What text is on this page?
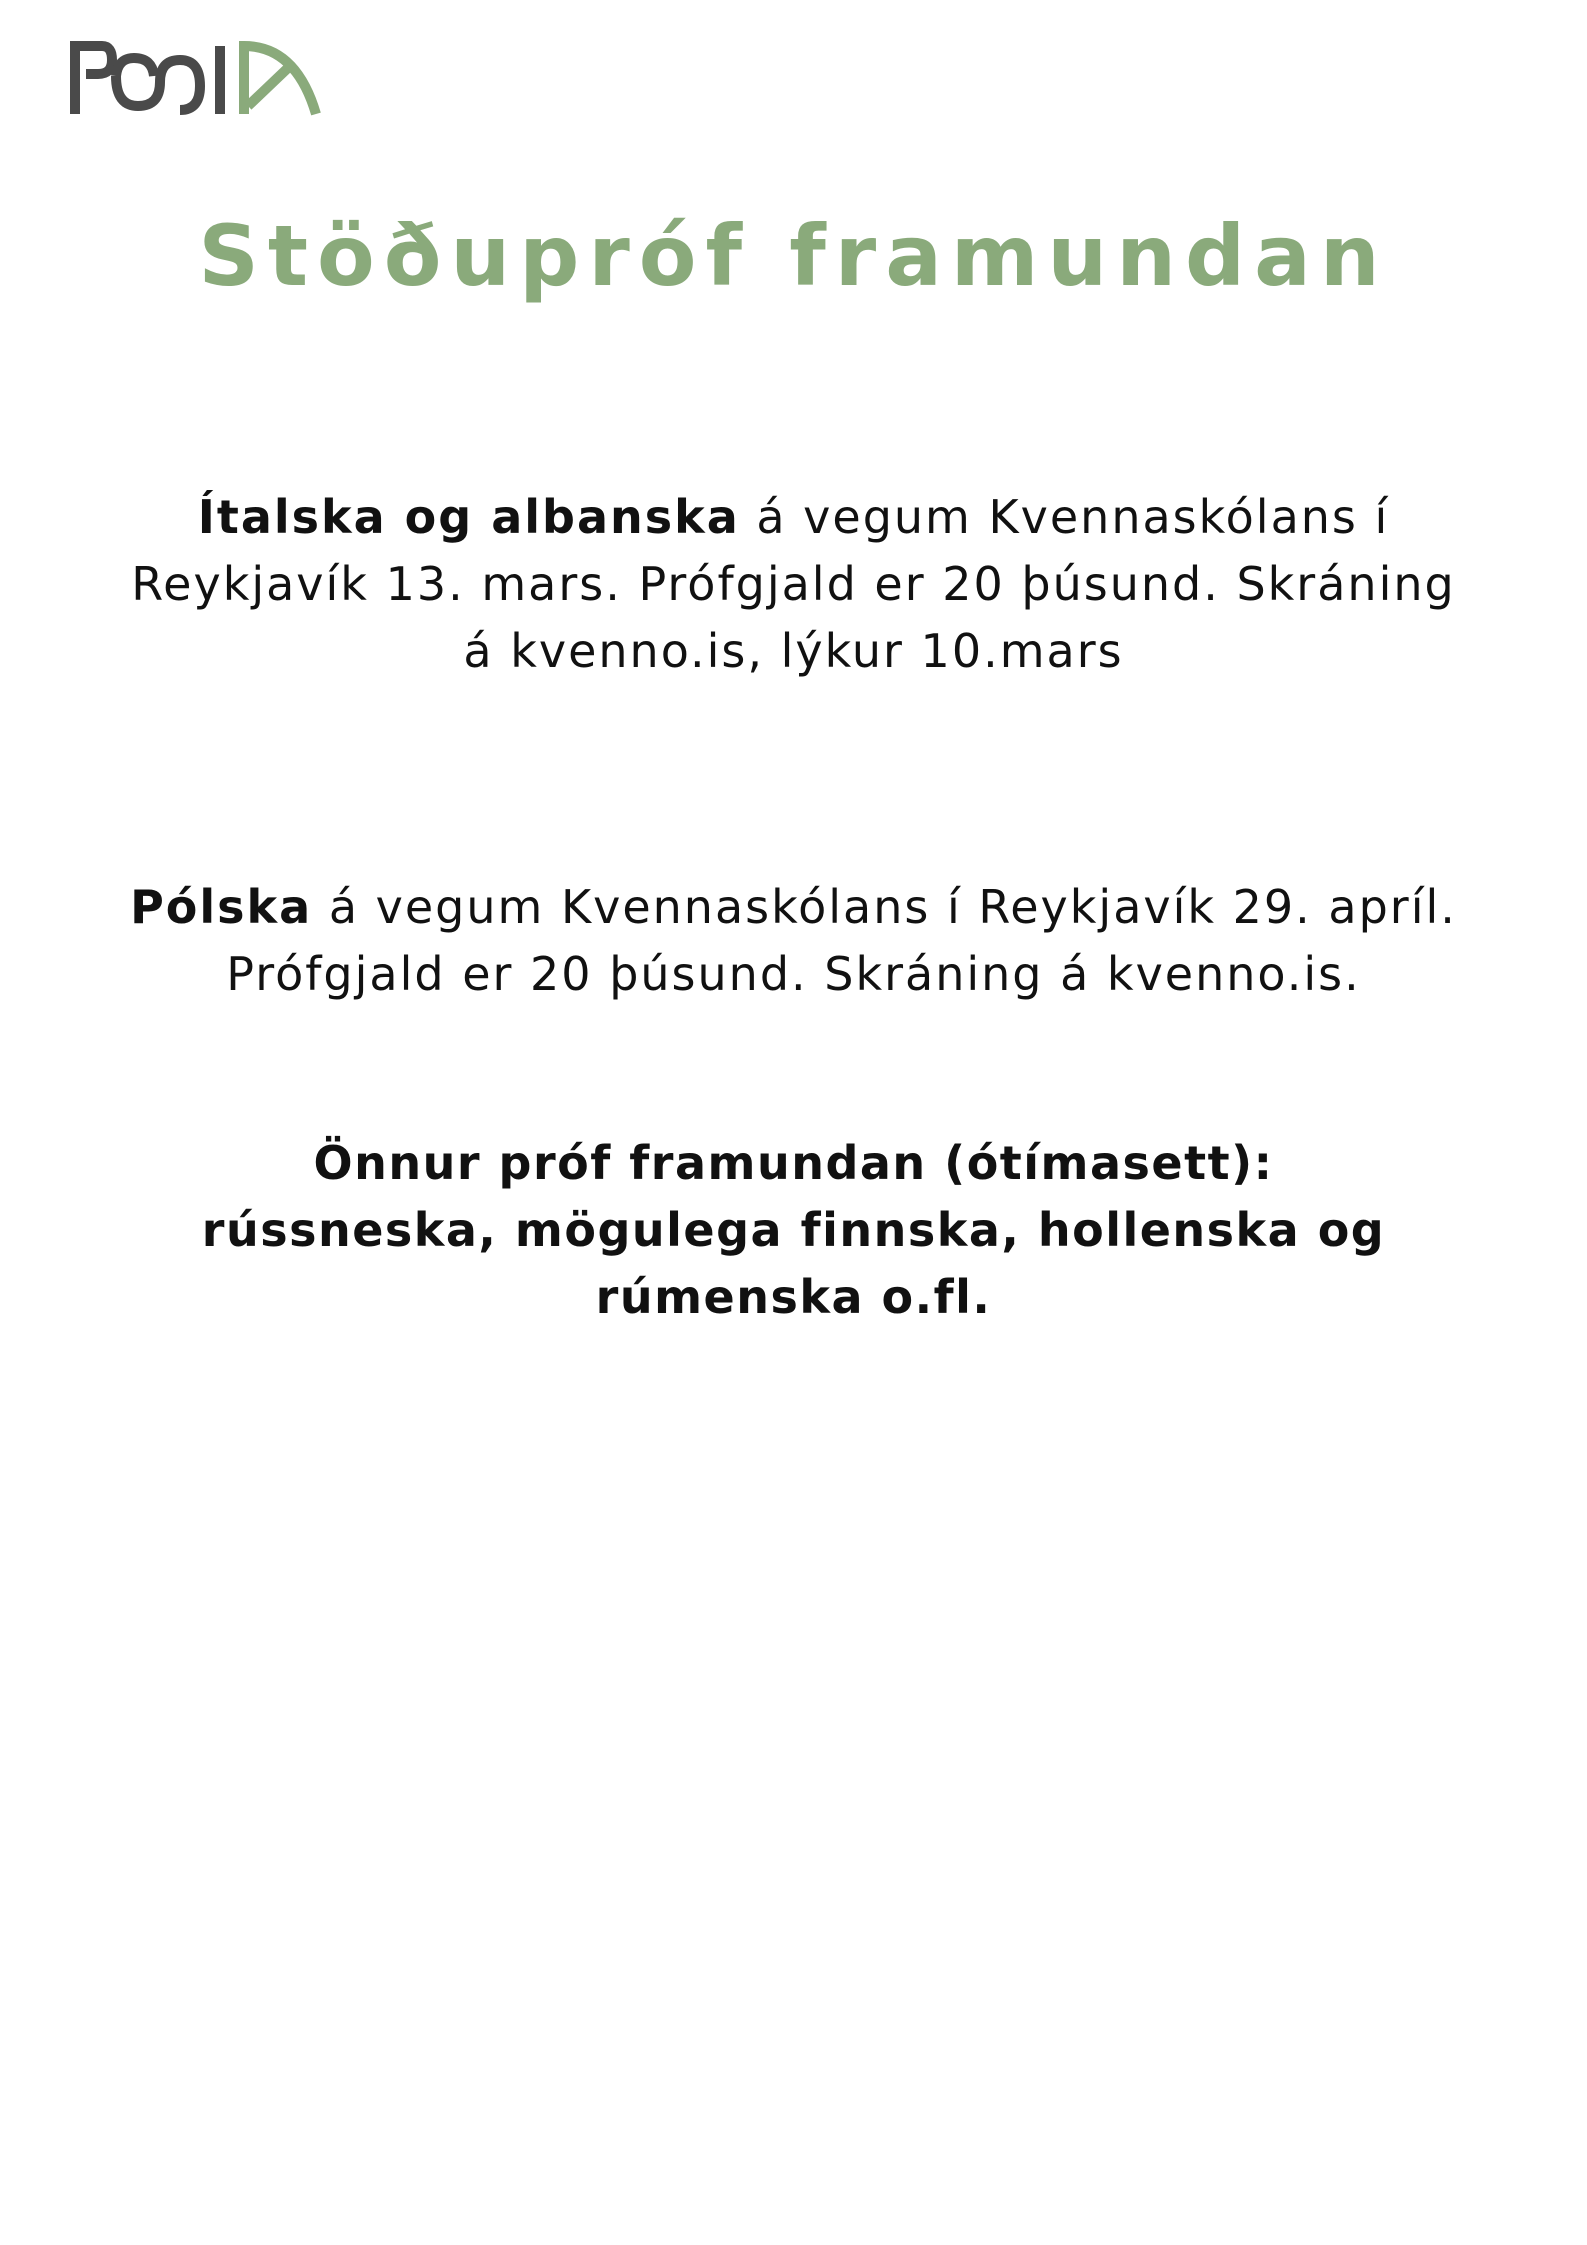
Stöðupróf framundan

Ítalska og albanska á vegum Kvennaskólans í Reykjavík 13. mars. Prófgjald er 20 þúsund. Skráning á kvenno.is, lýkur 10.mars

Pólska á vegum Kvennaskólans í Reykjavík 29. apríl. Prófgjald er 20 þúsund. Skráning á kvenno.is.

Önnur próf framundan (ótímasett):
rússneska, mögulega finnska, hollenska og
rúmenska o.fl.
